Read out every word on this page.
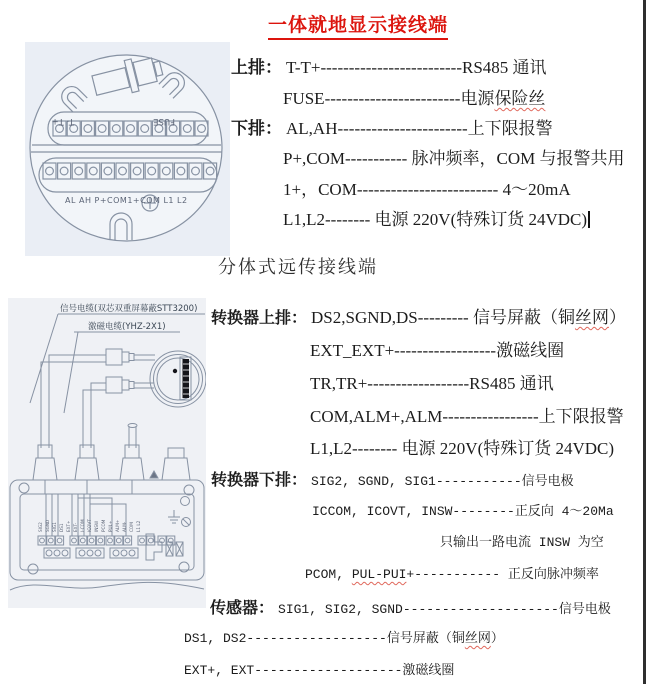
T- T+	FUSE
AL AH P+COM1+COM L1 L2
信号电缆(双芯双重屏幕蔽STT3200)
激磁电缆(YHZ-2X1)
SIG2 SGND SIG1 DS1 EXT+ EXT- I-COM ICOVT INSW PCOM PUL+ ALM+ ALM- COM L1 L2
一体就地显示接线端
上排： T-T+-------------------------RS485 通讯
FUSE------------------------电源保险丝
下排： AL,AH-----------------------上下限报警
P+,COM----------- 脉冲频率，COM 与报警共用
1+，COM------------------------- 4～20mA
L1,L2-------- 电源 220V(特殊订货 24VDC)
分体式远传接线端
转换器上排： DS2,SGND,DS--------- 信号屏蔽（铜丝网）
EXT_EXT+------------------激磁线圈
TR,TR+------------------RS485 通讯
COM,ALM+,ALM-----------------上下限报警
L1,L2-------- 电源 220V(特殊订货 24VDC)
转换器下排： SIG2, SGND, SIG1-----------信号电极
ICCOM, ICOVT, INSW--------正反向 4～20Ma
只输出一路电流 INSW 为空
PCOM, PUL-PUI+----------- 正反向脉冲频率
传感器： SIG1, SIG2, SGND--------------------信号电极
DS1, DS2------------------信号屏蔽（铜丝网）
EXT+, EXT-------------------激磁线圈
